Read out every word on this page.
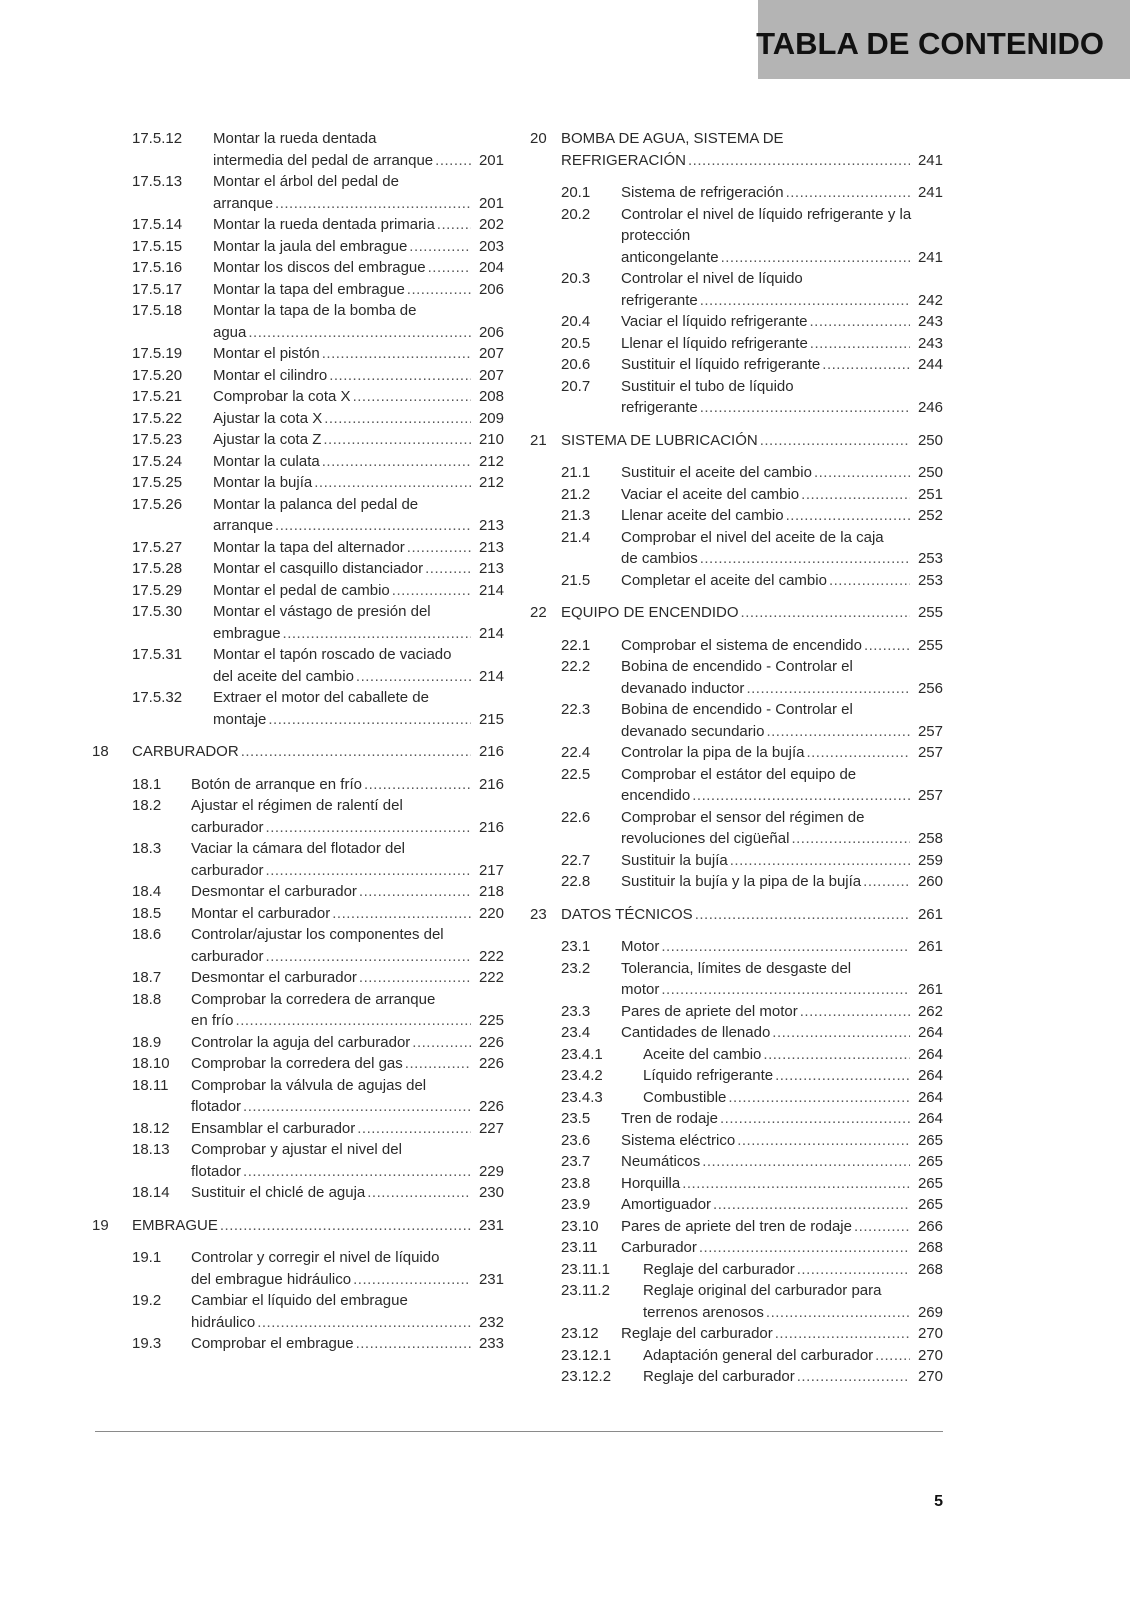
TABLA DE CONTENIDO
17.5.12	Montar la rueda dentada
intermedia del pedal de arranque .....	201
17.5.13	Montar el árbol del pedal de
arranque .....	201
17.5.14	Montar la rueda dentada primaria .....	202
17.5.15	Montar la jaula del embrague .....	203
17.5.16	Montar los discos del embrague .....	204
17.5.17	Montar la tapa del embrague .....	206
17.5.18	Montar la tapa de la bomba de
agua .....	206
17.5.19	Montar el pistón .....	207
17.5.20	Montar el cilindro .....	207
17.5.21	Comprobar la cota X .....	208
17.5.22	Ajustar la cota X .....	209
17.5.23	Ajustar la cota Z .....	210
17.5.24	Montar la culata .....	212
17.5.25	Montar la bujía .....	212
17.5.26	Montar la palanca del pedal de
arranque .....	213
17.5.27	Montar la tapa del alternador .....	213
17.5.28	Montar el casquillo distanciador .....	213
17.5.29	Montar el pedal de cambio .....	214
17.5.30	Montar el vástago de presión del
embrague .....	214
17.5.31	Montar el tapón roscado de vaciado
del aceite del cambio .....	214
17.5.32	Extraer el motor del caballete de
montaje .....	215
18	CARBURADOR .....	216
18.1	Botón de arranque en frío .....	216
18.2	Ajustar el régimen de ralentí del
carburador .....	216
18.3	Vaciar la cámara del flotador del
carburador .....	217
18.4	Desmontar el carburador .....	218
18.5	Montar el carburador .....	220
18.6	Controlar/ajustar los componentes del
carburador .....	222
18.7	Desmontar el carburador .....	222
18.8	Comprobar la corredera de arranque
en frío .....	225
18.9	Controlar la aguja del carburador .....	226
18.10	Comprobar la corredera del gas .....	226
18.11	Comprobar la válvula de agujas del
flotador .....	226
18.12	Ensamblar el carburador .....	227
18.13	Comprobar y ajustar el nivel del
flotador .....	229
18.14	Sustituir el chiclé de aguja .....	230
19	EMBRAGUE .....	231
19.1	Controlar y corregir el nivel de líquido
del embrague hidráulico .....	231
19.2	Cambiar el líquido del embrague
hidráulico .....	232
19.3	Comprobar el embrague .....	233
20 BOMBA DE AGUA, SISTEMA DE
REFRIGERACIÓN .....	241
20.1	Sistema de refrigeración .....	241
20.2	Controlar el nivel de líquido refrigerante y la protección
anticongelante .....	241
20.3	Controlar el nivel de líquido
refrigerante .....	242
20.4	Vaciar el líquido refrigerante .....	243
20.5	Llenar el líquido refrigerante .....	243
20.6	Sustituir el líquido refrigerante .....	244
20.7	Sustituir el tubo de líquido
refrigerante .....	246
21 SISTEMA DE LUBRICACIÓN .....	250
21.1	Sustituir el aceite del cambio .....	250
21.2	Vaciar el aceite del cambio .....	251
21.3	Llenar aceite del cambio .....	252
21.4	Comprobar el nivel del aceite de la caja
de cambios .....	253
21.5	Completar el aceite del cambio .....	253
22 EQUIPO DE ENCENDIDO .....	255
22.1	Comprobar el sistema de encendido .....	255
22.2	Bobina de encendido - Controlar el
devanado inductor .....	256
22.3	Bobina de encendido - Controlar el
devanado secundario .....	257
22.4	Controlar la pipa de la bujía .....	257
22.5	Comprobar el estátor del equipo de
encendido .....	257
22.6	Comprobar el sensor del régimen de
revoluciones del cigüeñal .....	258
22.7	Sustituir la bujía .....	259
22.8	Sustituir la bujía y la pipa de la bujía .....	260
23 DATOS TÉCNICOS .....	261
23.1	Motor .....	261
23.2	Tolerancia, límites de desgaste del
motor .....	261
23.3	Pares de apriete del motor .....	262
23.4	Cantidades de llenado .....	264
23.4.1	Aceite del cambio .....	264
23.4.2	Líquido refrigerante .....	264
23.4.3	Combustible .....	264
23.5	Tren de rodaje .....	264
23.6	Sistema eléctrico .....	265
23.7	Neumáticos .....	265
23.8	Horquilla .....	265
23.9	Amortiguador .....	265
23.10	Pares de apriete del tren de rodaje .....	266
23.11	Carburador .....	268
23.11.1	Reglaje del carburador .....	268
23.11.2	Reglaje original del carburador para
terrenos arenosos .....	269
23.12	Reglaje del carburador .....	270
23.12.1	Adaptación general del carburador .....	270
23.12.2	Reglaje del carburador .....	270
5
